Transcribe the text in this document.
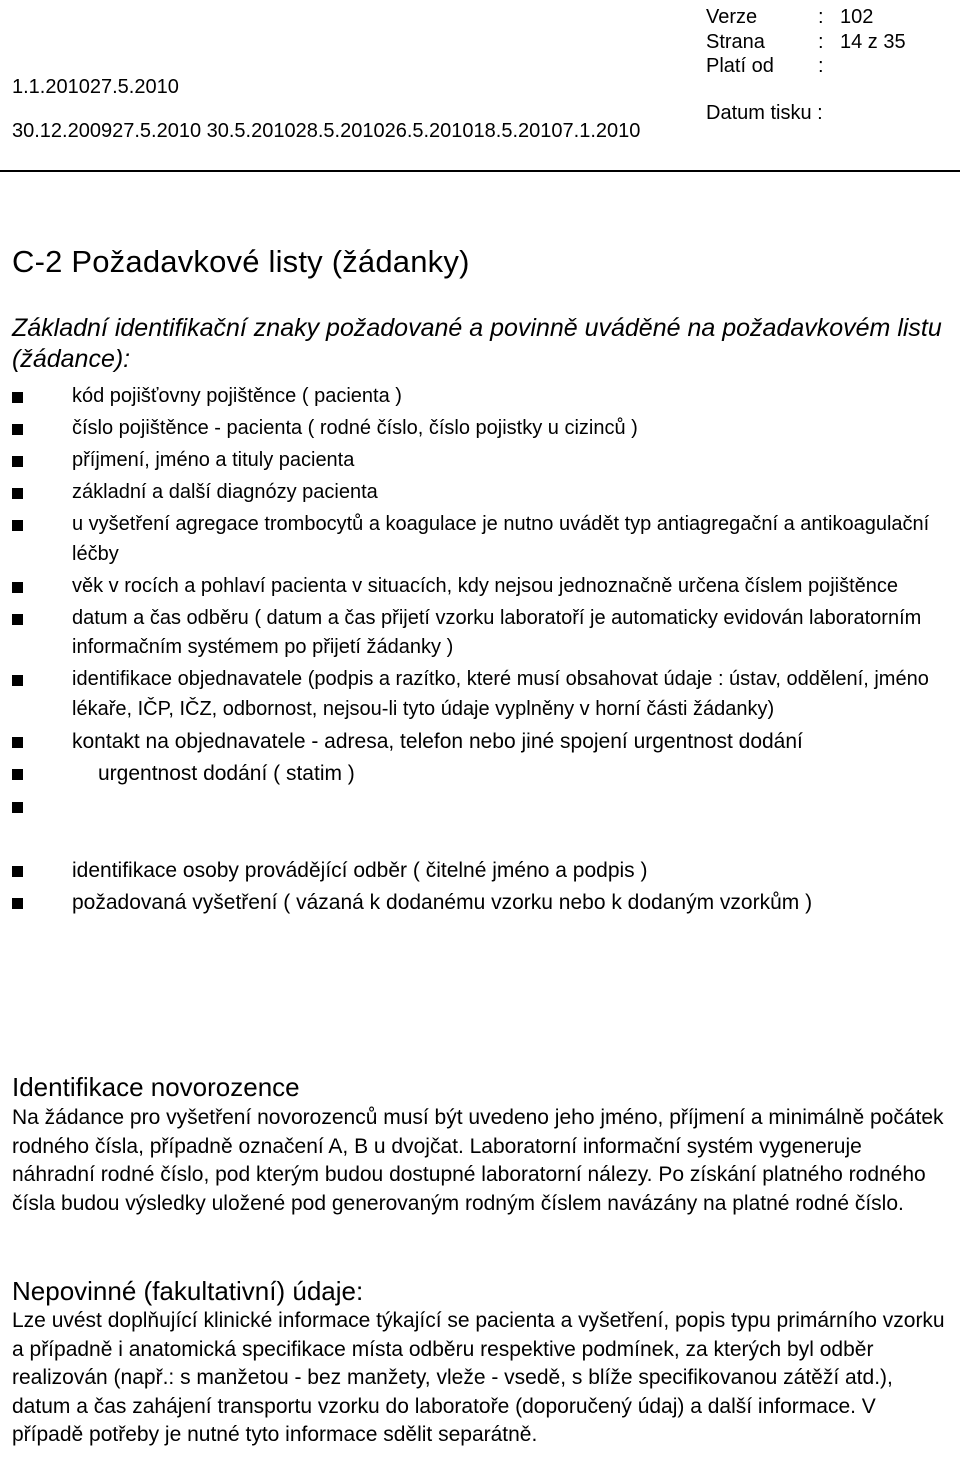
1.1.201027.5.2010
30.12.200927.5.2010 30.5.201028.5.201026.5.201018.5.20107.1.2010
Verze	: 102
Strana	: 14 z 35
Platí od :
Datum tisku :
C-2 Požadavkové listy (žádanky)

Základní identifikační znaky požadované a povinně uváděné na požadavkovém listu (žádance):

kód pojišťovny pojištěnce ( pacienta )
číslo pojištěnce - pacienta ( rodné číslo, číslo pojistky u cizinců )
příjmení, jméno a tituly pacienta
základní a další diagnózy pacienta
u vyšetření agregace trombocytů a koagulace je nutno uvádět typ antiagregační a antikoagulační léčby
věk v rocích a pohlaví pacienta v situacích, kdy nejsou jednoznačně určena číslem pojištěnce
datum a čas odběru ( datum a čas přijetí vzorku laboratoří je automaticky evidován laboratorním informačním systémem po přijetí žádanky )
identifikace objednavatele (podpis a razítko, které musí obsahovat údaje : ústav, oddělení, jméno lékaře, IČP, IČZ, odbornost, nejsou-li tyto údaje vyplněny v horní části žádanky)
kontakt na objednavatele - adresa, telefon nebo jiné spojení urgentnost dodání
urgentnost dodání ( statim )
identifikace osoby provádějící odběr ( čitelné jméno a podpis )
požadovaná vyšetření ( vázaná k dodanému vzorku nebo k dodaným vzorkům )
Identifikace novorozence

Na žádance pro vyšetření novorozenců musí být uvedeno jeho jméno, příjmení a minimálně počátek rodného čísla, případně označení A, B u dvojčat. Laboratorní informační systém vygeneruje náhradní rodné číslo, pod kterým budou dostupné laboratorní nálezy. Po získání platného rodného čísla budou výsledky uložené pod generovaným rodným číslem navázány na platné rodné číslo.

Nepovinné (fakultativní) údaje:

Lze uvést doplňující klinické informace týkající se pacienta a vyšetření, popis typu primárního vzorku a případně i anatomická specifikace místa odběru respektive podmínek, za kterých byl odběr realizován (např.: s manžetou - bez manžety, vleže - vsedě, s blíže specifikovanou zátěží atd.), datum a čas zahájení transportu vzorku do laboratoře (doporučený údaj) a další informace. V případě potřeby je nutné tyto informace sdělit separátně.
